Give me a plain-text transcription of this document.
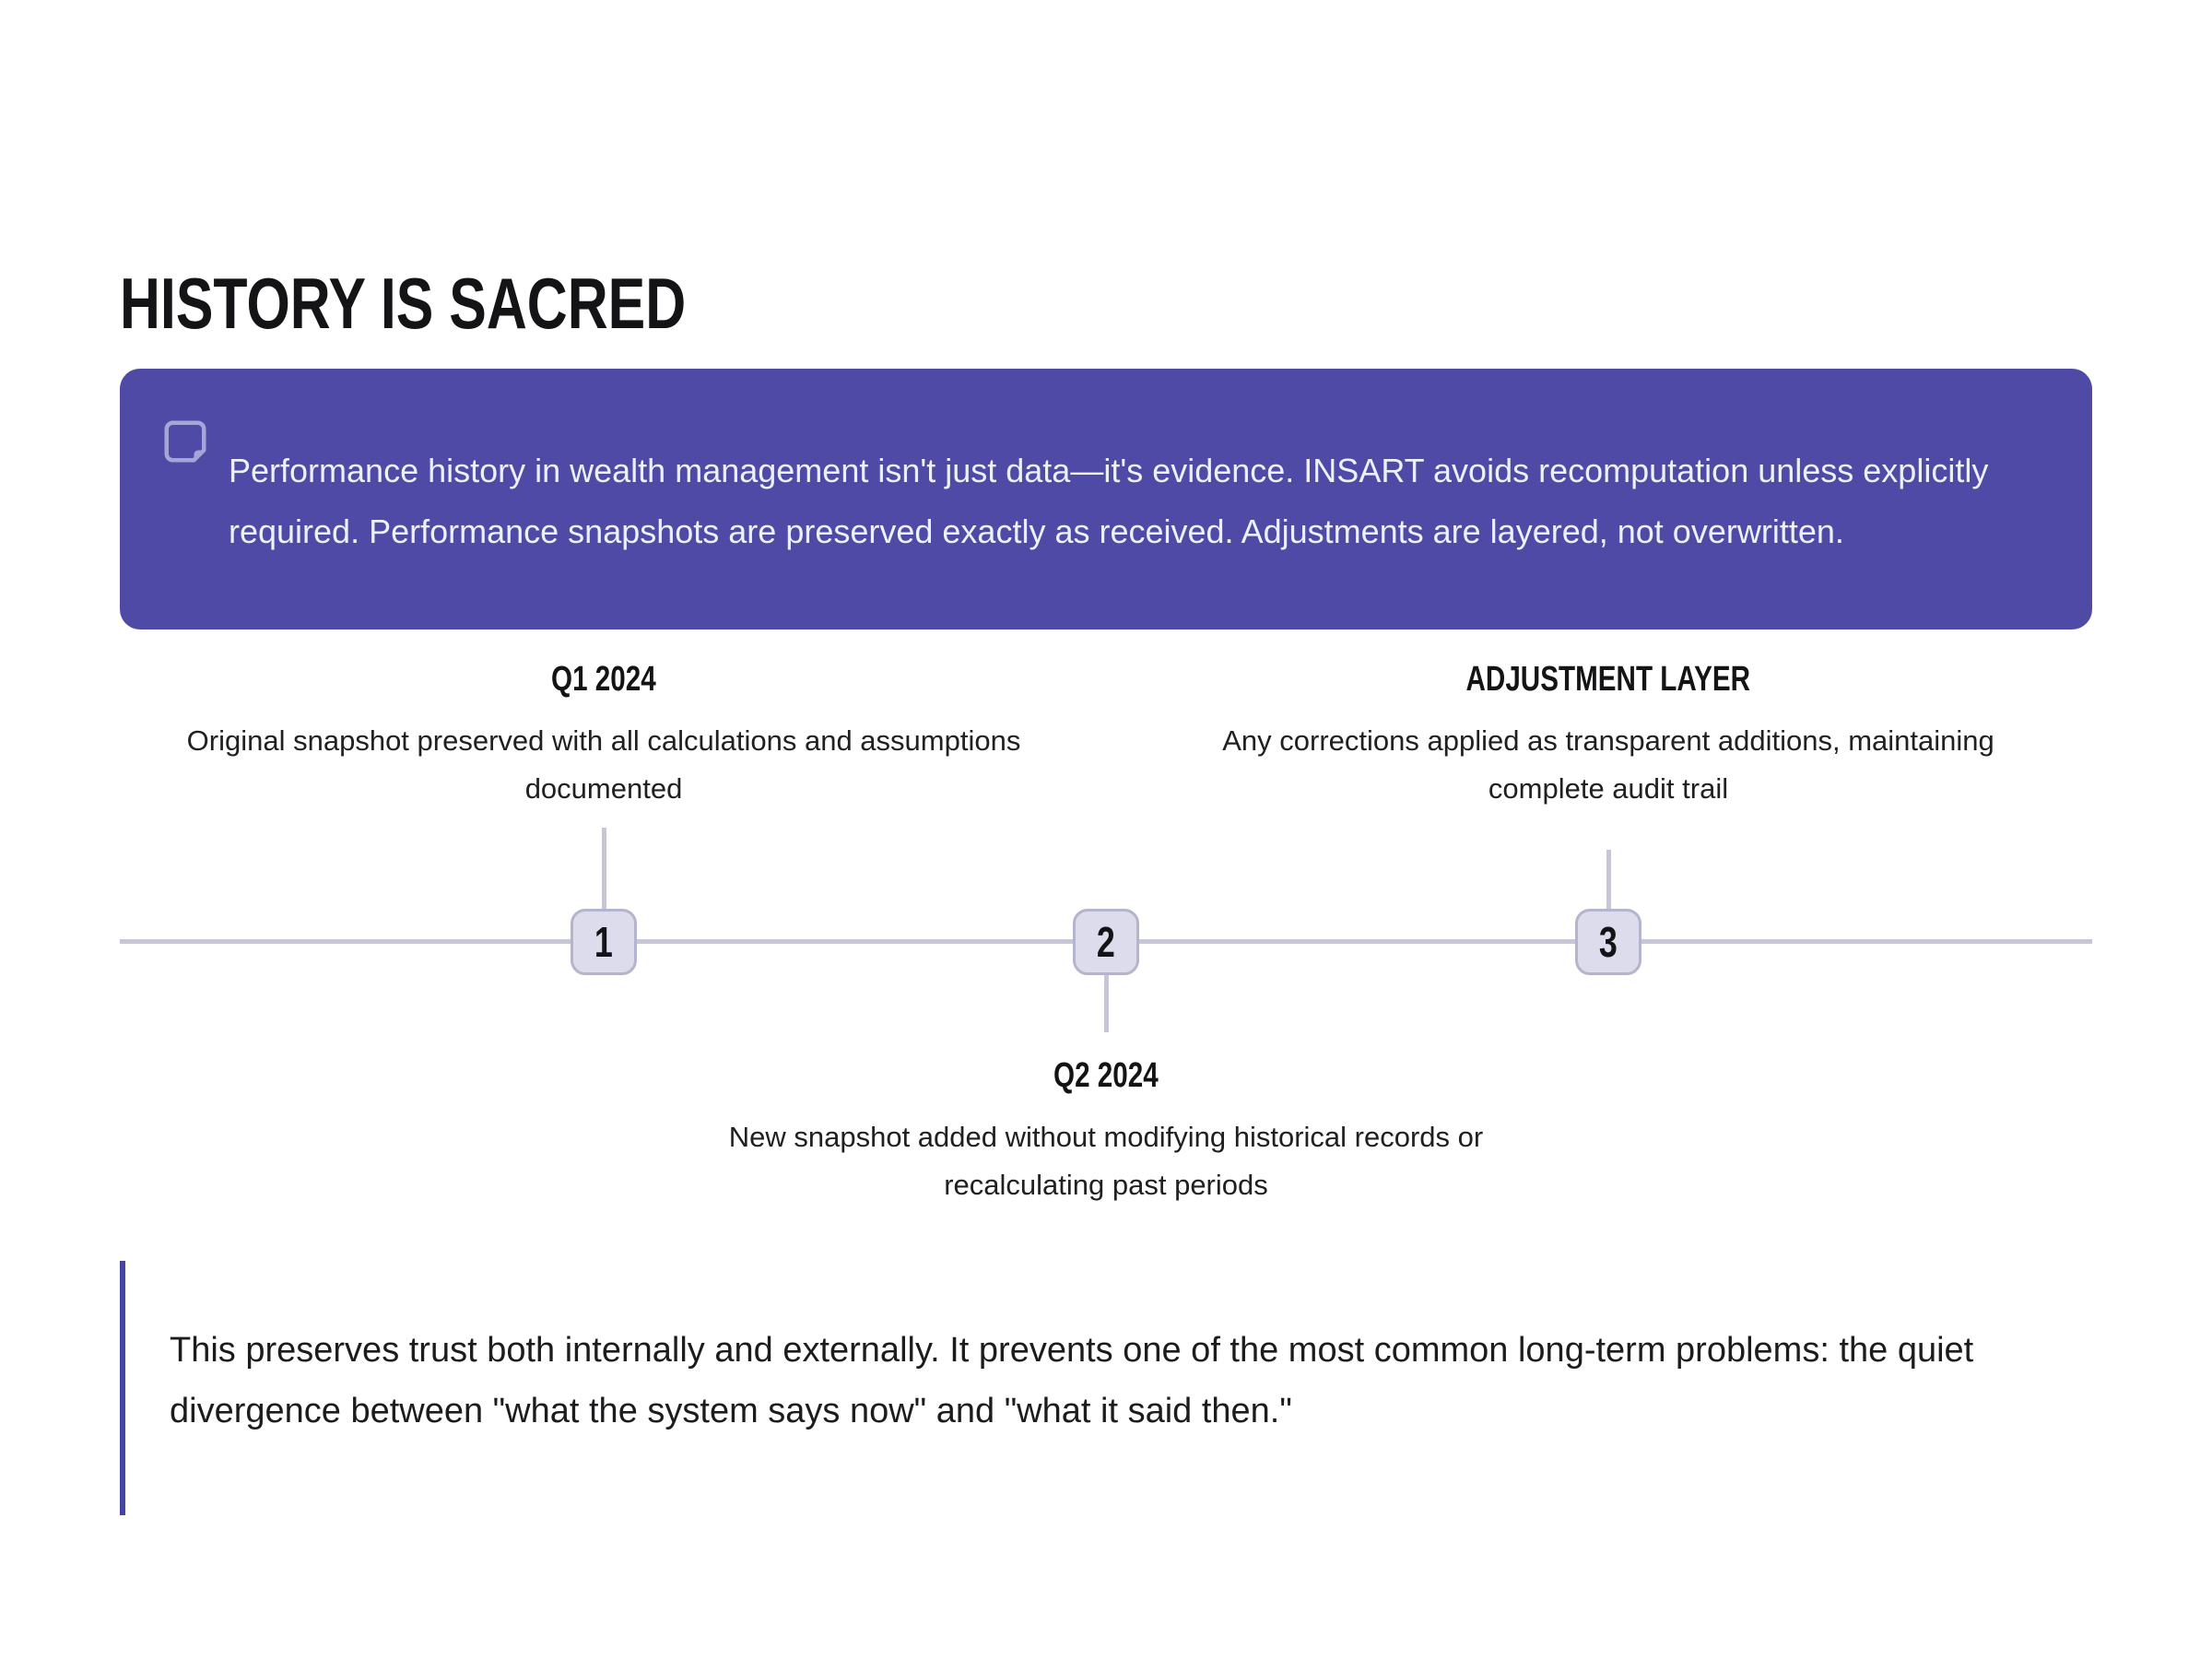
HISTORY IS SACRED

Performance history in wealth management isn't just data—it's evidence. INSART avoids recomputation unless explicitly required. Performance snapshots are preserved exactly as received. Adjustments are layered, not overwritten.

Q1 2024
Original snapshot preserved with all calculations and assumptions documented
ADJUSTMENT LAYER
Any corrections applied as transparent additions, maintaining complete audit trail
1	2	3
Q2 2024
New snapshot added without modifying historical records or recalculating past periods

This preserves trust both internally and externally. It prevents one of the most common long-term problems: the quiet divergence between "what the system says now" and "what it said then."
